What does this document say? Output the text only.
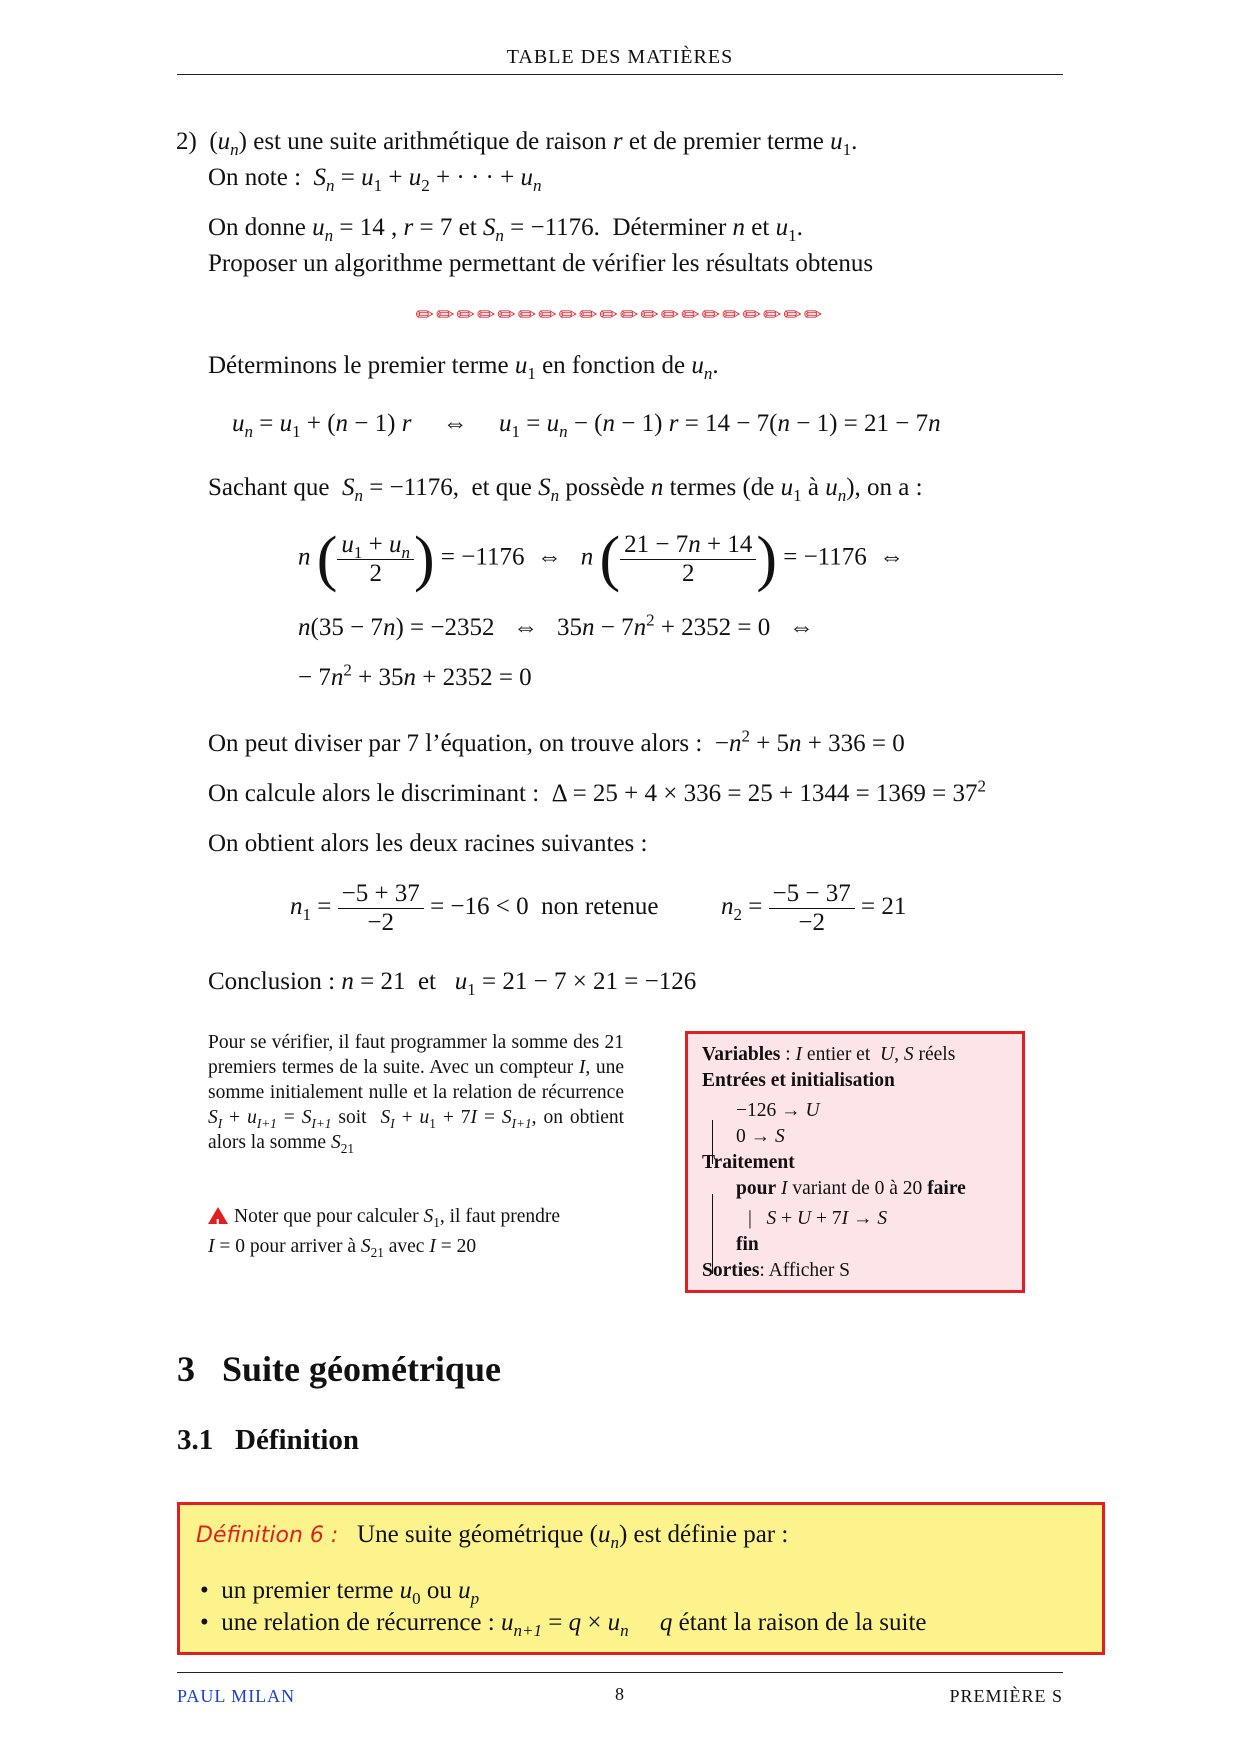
TABLE DES MATIÈRES
2) $(u_n)$ est une suite arithmétique de raison r et de premier terme $u_1$.
On note : $S_n = u_1 + u_2$ + · · · + $u_n$
On donne $u_n = 14$ , r = 7 et $S_n = -1176$.  Déterminer n et $u_1$.
Proposer un algorithme permettant de vérifier les résultats obtenus
✏✏✏✏✏✏✏✏✏✏✏✏✏✏✏✏✏✏✏✏
Déterminons le premier terme $u_1$ en fonction de $u_n$.
$u_n = u_1 + (n - 1)$ r     ⇔     $u_1 = u_n - (n - 1) r = 14 - 7(n - 1) = 21 - 7n$
Sachant que $S_n = -1176$,  et que $S_n$ possède n termes (de $u_1$ à $u_n$), on a :
n ( $\frac{u_1 + u_n}{2}$ ) = −1176  ⇔   n ( $\frac{21 - 7n + 14}{2}$ ) = −1176  ⇔
n(35 − 7n) = −2352   ⇔   $35n - 7n^2 + 2352 = 0$   ⇔
− $7n^2 + 35n + 2352 = 0$
On peut diviser par 7 l’équation, on trouve alors :  $-n^2 + 5n + 336 = 0$
On calcule alors le discriminant :  $\Delta = 25 + 4 \times 336 = 25 + 1344 = 1369 = 37^2$
On obtient alors les deux racines suivantes :
$n_1 = \frac{-5 + 37}{-2} = -16 < 0$  non retenue          $n_2 = \frac{-5 - 37}{-2} = 21$
Conclusion : n = 21  et $u_1 = 21 - 7 \times 21 = -126$
Pour se vérifier, il faut programmer la somme des 21 premiers termes de la suite. Avec un compteur I, une somme initialement nulle et la relation de récurrence $S_I + u_{I+1} = S_{I+1}$ soit $S_I + u_1 + 7I = S_{I+1}$, on obtient alors la somme $S_{21}$
!Noter que pour calculer $S_1$, il faut prendre
I = 0 pour arriver à $S_{21}$ avec I = 20
Variables : I entier et U, S réels
Entrées et initialisation
−126 → U
0 → S
Traitement
pour I variant de 0 à 20 faire
|   S + U + 7I → S
fin
Sorties: Afficher S
3 Suite géométrique
3.1 Définition
Définition 6 : Une suite géométrique $(u_n)$ est définie par :
•  un premier terme $u_0$ ou $u_p$
•  une relation de récurrence : $u_{n+1} = q \times u_n$ q étant la raison de la suite
PAUL MILAN	8	PREMIÈRE S
